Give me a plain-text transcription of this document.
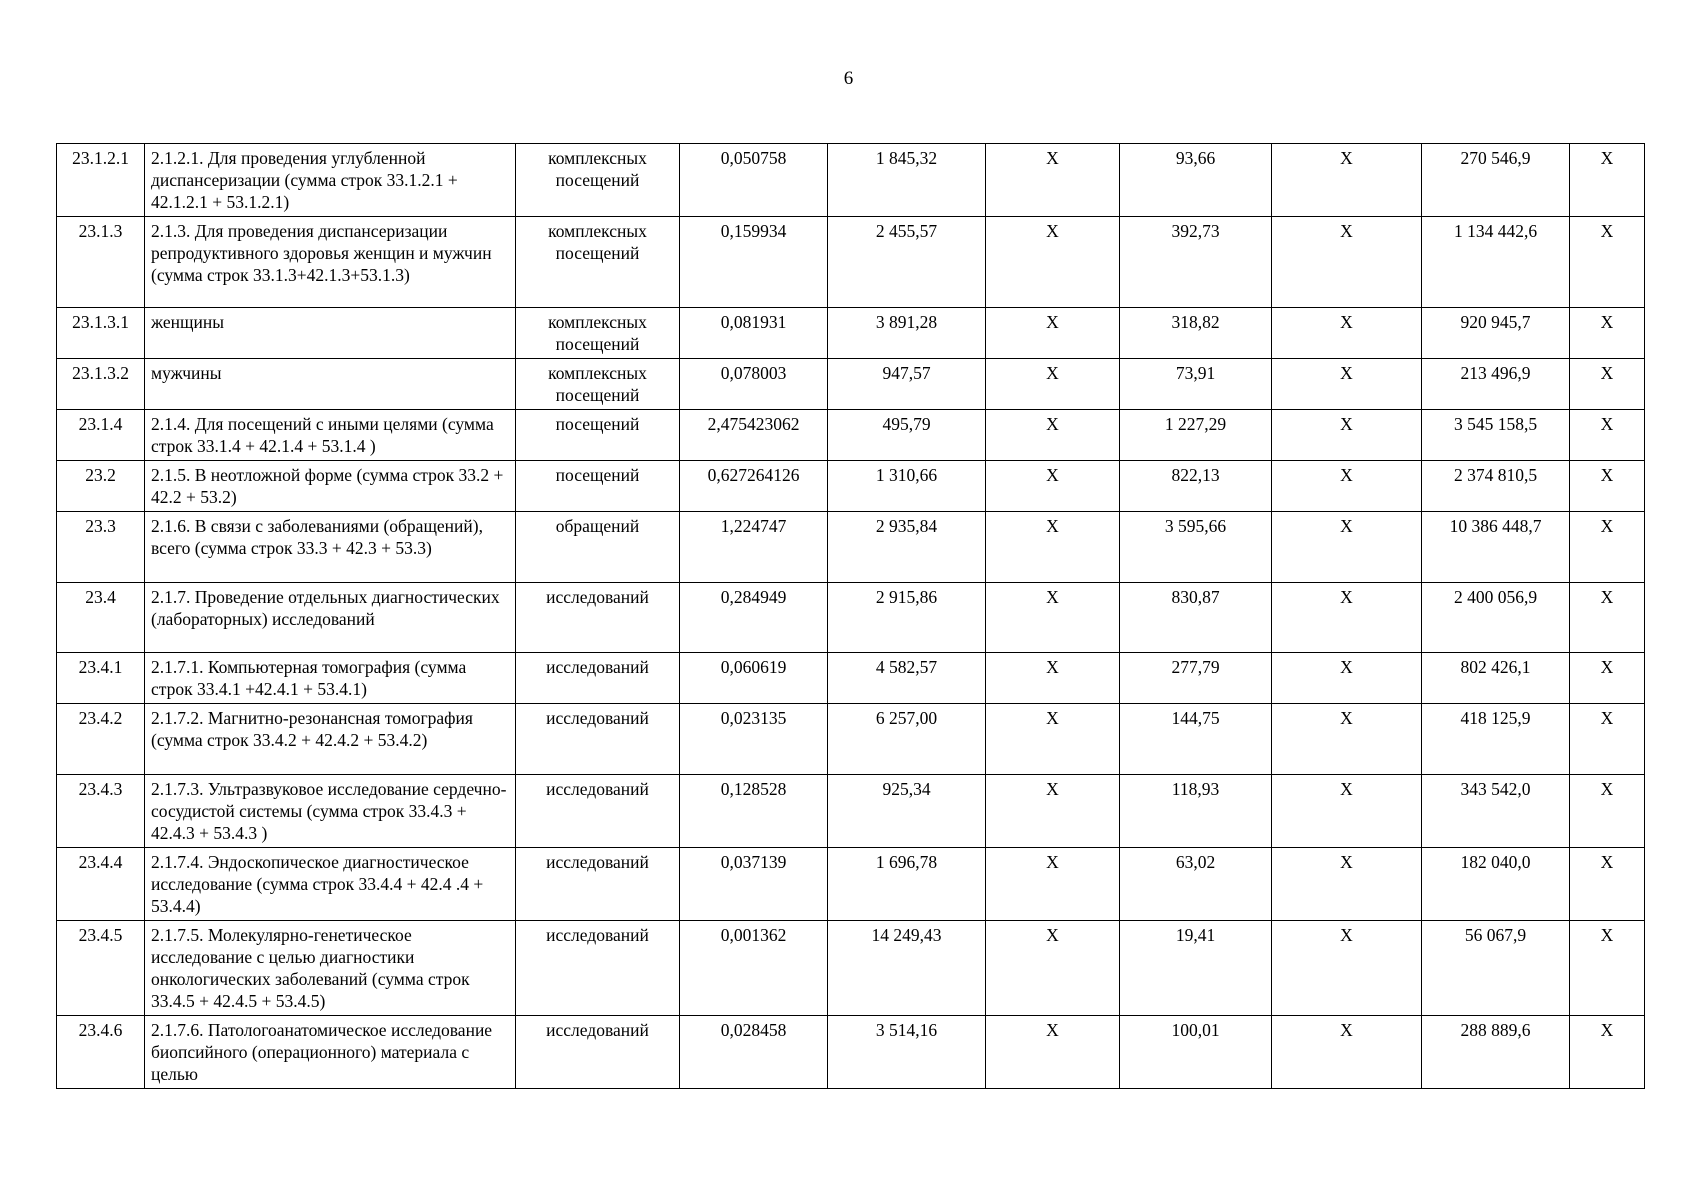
6
23.1.2.1	2.1.2.1. Для проведения углубленной диспансеризации (сумма строк 33.1.2.1 + 42.1.2.1 + 53.1.2.1)	комплексных посещений	0,050758	1 845,32	Х	93,66	Х	270 546,9	Х
23.1.3	2.1.3. Для проведения диспансеризации репродуктивного здоровья женщин и мужчин (сумма строк 33.1.3+42.1.3+53.1.3)	комплексных посещений	0,159934	2 455,57	Х	392,73	Х	1 134 442,6	Х
23.1.3.1	женщины	комплексных посещений	0,081931	3 891,28	Х	318,82	Х	920 945,7	Х
23.1.3.2	мужчины	комплексных посещений	0,078003	947,57	Х	73,91	Х	213 496,9	Х
23.1.4	2.1.4. Для посещений с иными целями (сумма строк 33.1.4 + 42.1.4 + 53.1.4 )	посещений	2,475423062	495,79	Х	1 227,29	Х	3 545 158,5	Х
23.2	2.1.5. В неотложной форме (сумма строк 33.2 + 42.2 + 53.2)	посещений	0,627264126	1 310,66	Х	822,13	Х	2 374 810,5	Х
23.3	2.1.6. В связи с заболеваниями (обращений), всего (сумма строк 33.3 + 42.3 + 53.3)	обращений	1,224747	2 935,84	Х	3 595,66	Х	10 386 448,7	Х
23.4	2.1.7. Проведение отдельных диагностических (лабораторных) исследований	исследований	0,284949	2 915,86	Х	830,87	Х	2 400 056,9	Х
23.4.1	2.1.7.1. Компьютерная томография (сумма строк 33.4.1 +42.4.1 + 53.4.1)	исследований	0,060619	4 582,57	Х	277,79	Х	802 426,1	Х
23.4.2	2.1.7.2. Магнитно-резонансная томография (сумма строк 33.4.2 + 42.4.2 + 53.4.2)	исследований	0,023135	6 257,00	Х	144,75	Х	418 125,9	Х
23.4.3	2.1.7.3. Ультразвуковое исследование сердечно-сосудистой системы (сумма строк 33.4.3 + 42.4.3 + 53.4.3 )	исследований	0,128528	925,34	Х	118,93	Х	343 542,0	Х
23.4.4	2.1.7.4. Эндоскопическое диагностическое исследование (сумма строк 33.4.4 + 42.4 .4 + 53.4.4)	исследований	0,037139	1 696,78	Х	63,02	Х	182 040,0	Х
23.4.5	2.1.7.5. Молекулярно-генетическое исследование с целью диагностики онкологических заболеваний (сумма строк 33.4.5 + 42.4.5 + 53.4.5)	исследований	0,001362	14 249,43	Х	19,41	Х	56 067,9	Х
23.4.6	2.1.7.6. Патологоанатомическое исследование биопсийного (операционного) материала с целью	исследований	0,028458	3 514,16	Х	100,01	Х	288 889,6	Х
